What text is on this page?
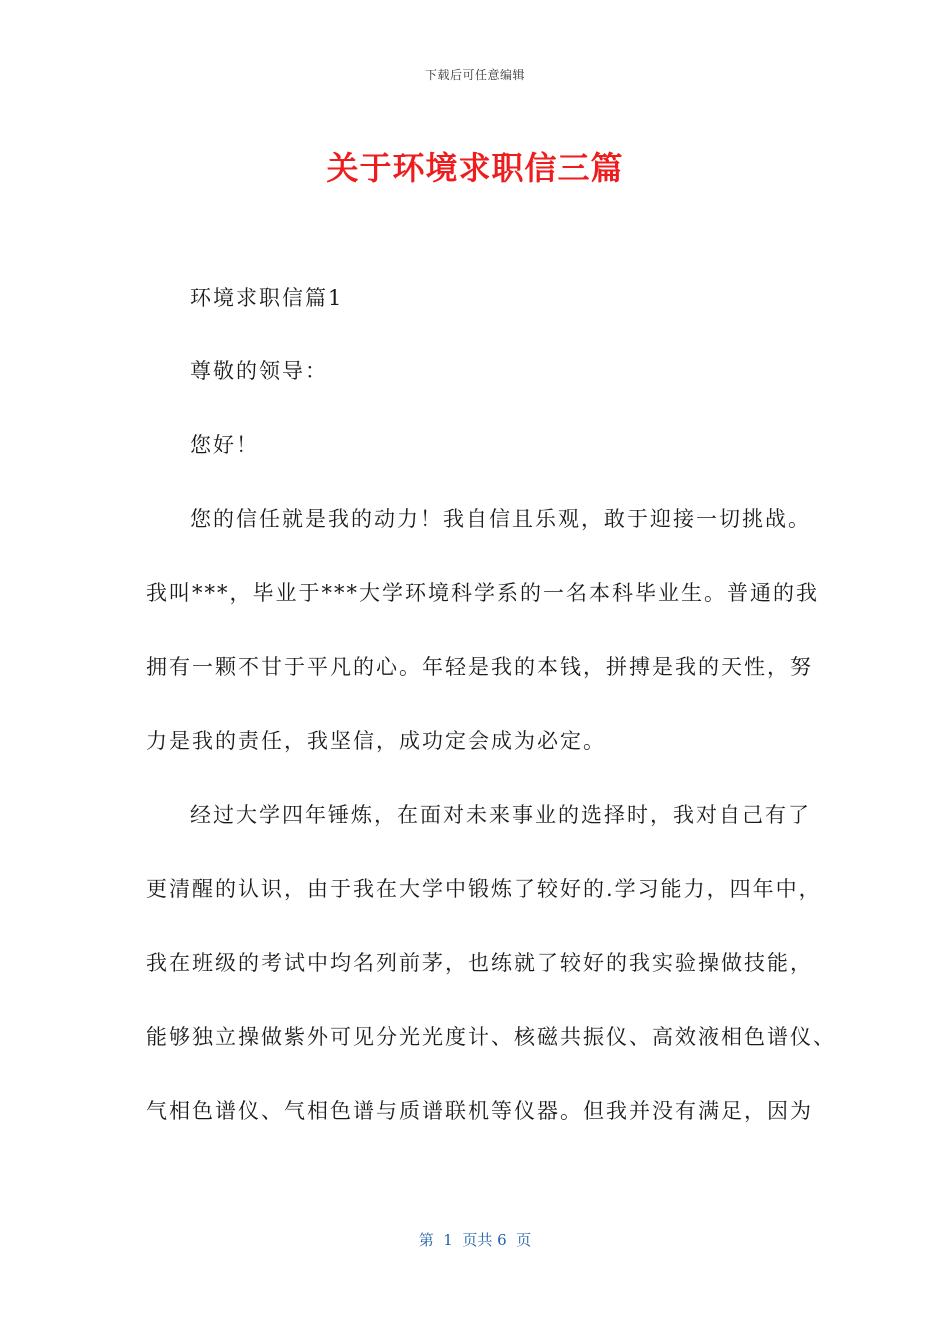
下载后可任意编辑
关于环境求职信三篇
环境求职信篇1
尊敬的领导：
您好！
您的信任就是我的动力！我自信且乐观，敢于迎接一切挑战。
我叫***，毕业于***大学环境科学系的一名本科毕业生。普通的我
拥有一颗不甘于平凡的心。年轻是我的本钱，拼搏是我的天性，努
力是我的责任，我坚信，成功定会成为必定。
经过大学四年锤炼，在面对未来事业的选择时，我对自己有了
更清醒的认识，由于我在大学中锻炼了较好的.学习能力，四年中，
我在班级的考试中均名列前茅，也练就了较好的我实验操做技能，
能够独立操做紫外可见分光光度计、核磁共振仪、高效液相色谱仪、
气相色谱仪、气相色谱与质谱联机等仪器。但我并没有满足，因为
第  1  页共 6  页
